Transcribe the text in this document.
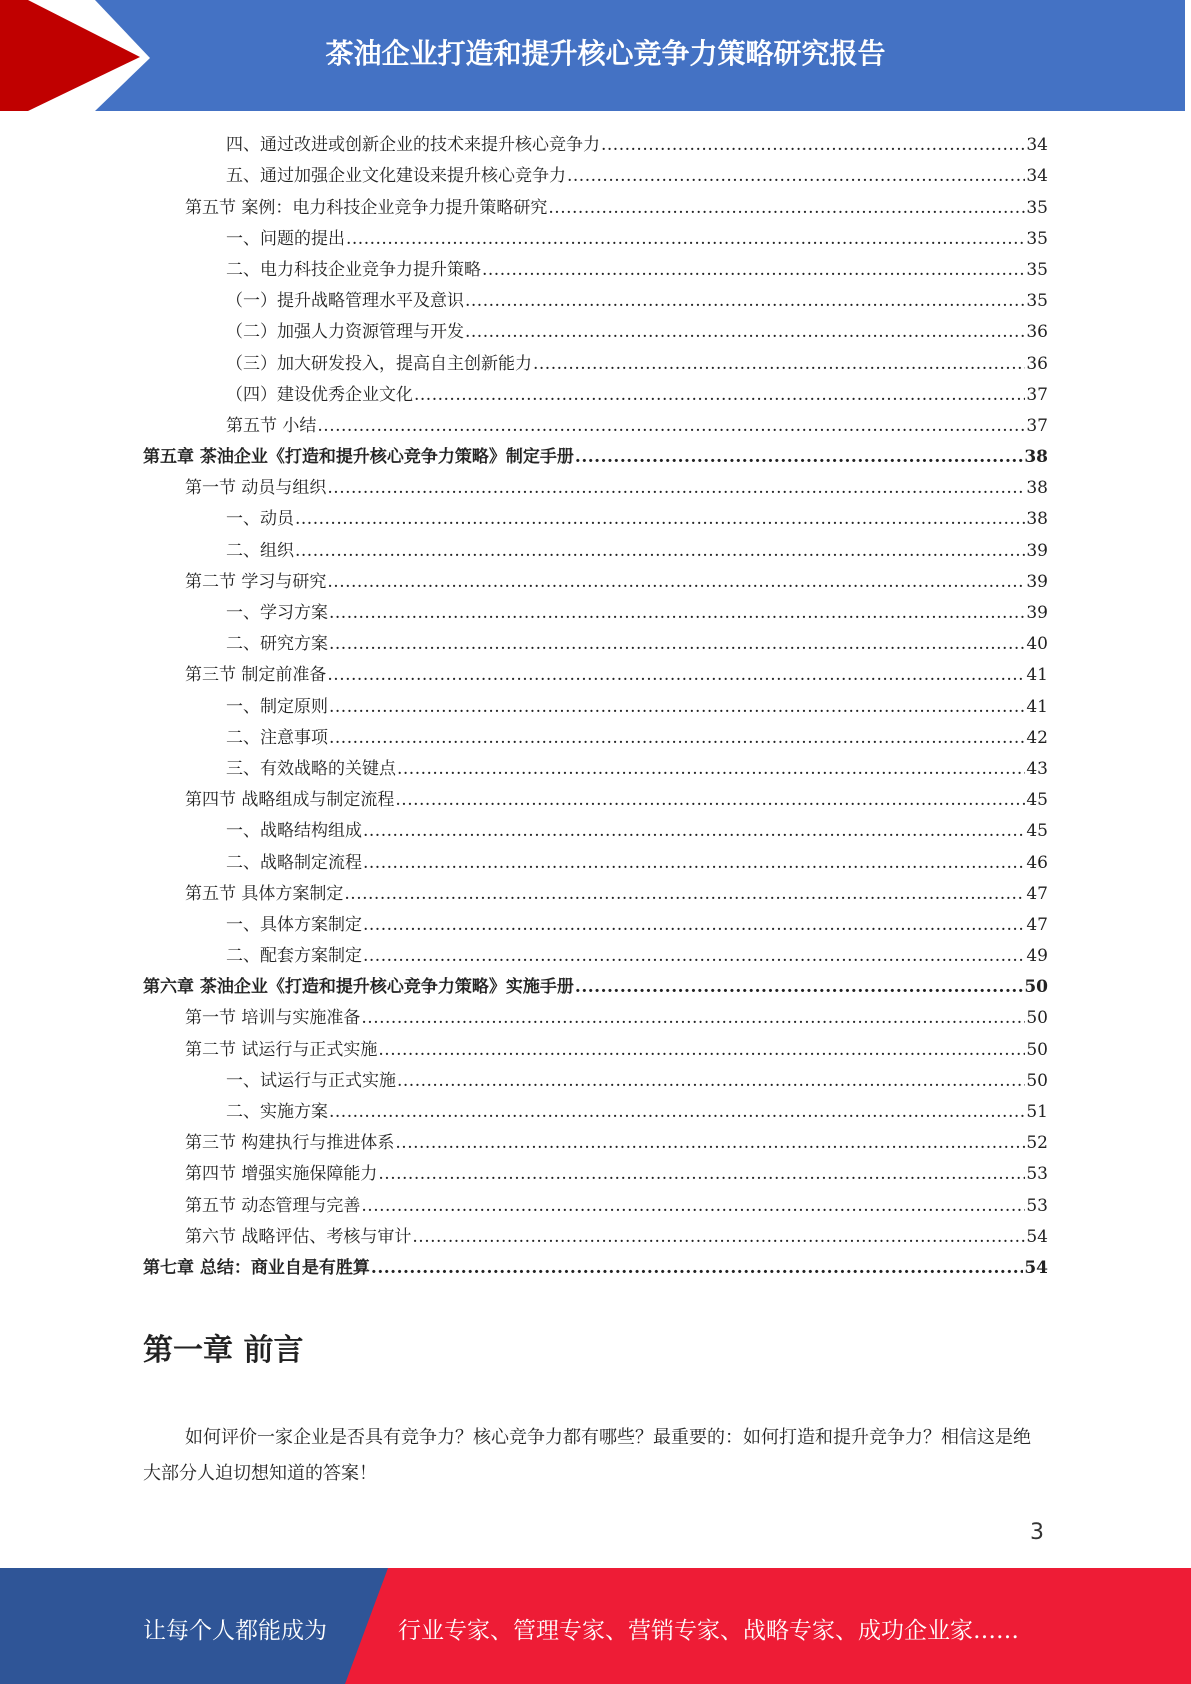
茶油企业打造和提升核心竞争力策略研究报告
四、通过改进或创新企业的技术来提升核心竞争力 .....	34
五、通过加强企业文化建设来提升核心竞争力 .....	34
第五节 案例：电力科技企业竞争力提升策略研究 .....	35
一、问题的提出 .....	35
二、电力科技企业竞争力提升策略 .....	35
（一）提升战略管理水平及意识 .....	35
（二）加强人力资源管理与开发 .....	36
（三）加大研发投入，提高自主创新能力 .....	36
（四）建设优秀企业文化 .....	37
第五节 小结 .....	37
第五章 茶油企业《打造和提升核心竞争力策略》制定手册 .....	38
第一节 动员与组织 .....	38
一、动员 .....	38
二、组织 .....	39
第二节 学习与研究 .....	39
一、学习方案 .....	39
二、研究方案 .....	40
第三节 制定前准备 .....	41
一、制定原则 .....	41
二、注意事项 .....	42
三、有效战略的关键点 .....	43
第四节 战略组成与制定流程 .....	45
一、战略结构组成 .....	45
二、战略制定流程 .....	46
第五节 具体方案制定 .....	47
一、具体方案制定 .....	47
二、配套方案制定 .....	49
第六章 茶油企业《打造和提升核心竞争力策略》实施手册 .....	50
第一节 培训与实施准备 .....	50
第二节 试运行与正式实施 .....	50
一、试运行与正式实施 .....	50
二、实施方案 .....	51
第三节 构建执行与推进体系 .....	52
第四节 增强实施保障能力 .....	53
第五节 动态管理与完善 .....	53
第六节 战略评估、考核与审计 .....	54
第七章 总结：商业自是有胜算 .....	54
第一章 前言
如何评价一家企业是否具有竞争力？核心竞争力都有哪些？最重要的：如何打造和提升竞争力？相信这是绝大部分人迫切想知道的答案！
3
让每个人都能成为	行业专家、管理专家、营销专家、战略专家、成功企业家……
